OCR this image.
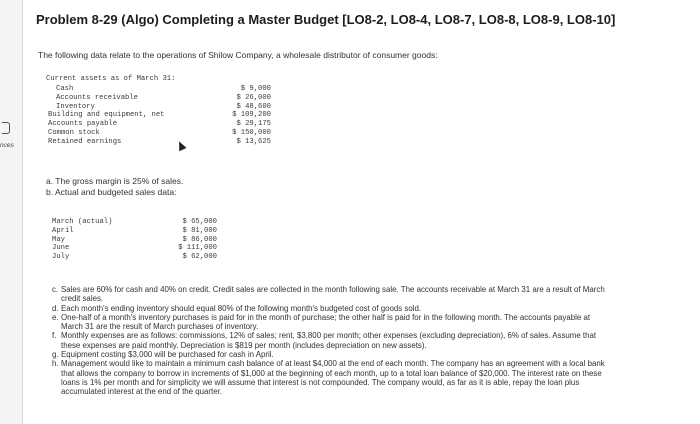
nces
Problem 8-29 (Algo) Completing a Master Budget [LO8-2, LO8-4, LO8-7, LO8-8, LO8-9, LO8-10]
The following data relate to the operations of Shilow Company, a wholesale distributor of consumer goods:
Current assets as of March 31:
Cash	$ 9,000
Accounts receivable	$ 26,000
Inventory	$ 48,600
Building and equipment, net	$ 109,200
Accounts payable	$ 29,175
Common stock	$ 150,000
Retained earnings	$ 13,625
a. The gross margin is 25% of sales.
b. Actual and budgeted sales data:
March (actual)	$ 65,000
April	$ 81,000
May	$ 86,000
June	$ 111,000
July	$ 62,000
c. Sales are 60% for cash and 40% on credit. Credit sales are collected in the month following sale. The accounts receivable at March 31 are a result of March credit sales.
d. Each month's ending inventory should equal 80% of the following month's budgeted cost of goods sold.
e. One-half of a month's inventory purchases is paid for in the month of purchase; the other half is paid for in the following month. The accounts payable at March 31 are the result of March purchases of inventory.
f. Monthly expenses are as follows: commissions, 12% of sales; rent, $3,800 per month; other expenses (excluding depreciation), 6% of sales. Assume that these expenses are paid monthly. Depreciation is $819 per month (includes depreciation on new assets).
g. Equipment costing $3,000 will be purchased for cash in April.
h. Management would like to maintain a minimum cash balance of at least $4,000 at the end of each month. The company has an agreement with a local bank that allows the company to borrow in increments of $1,000 at the beginning of each month, up to a total loan balance of $20,000. The interest rate on these loans is 1% per month and for simplicity we will assume that interest is not compounded. The company would, as far as it is able, repay the loan plus accumulated interest at the end of the quarter.
